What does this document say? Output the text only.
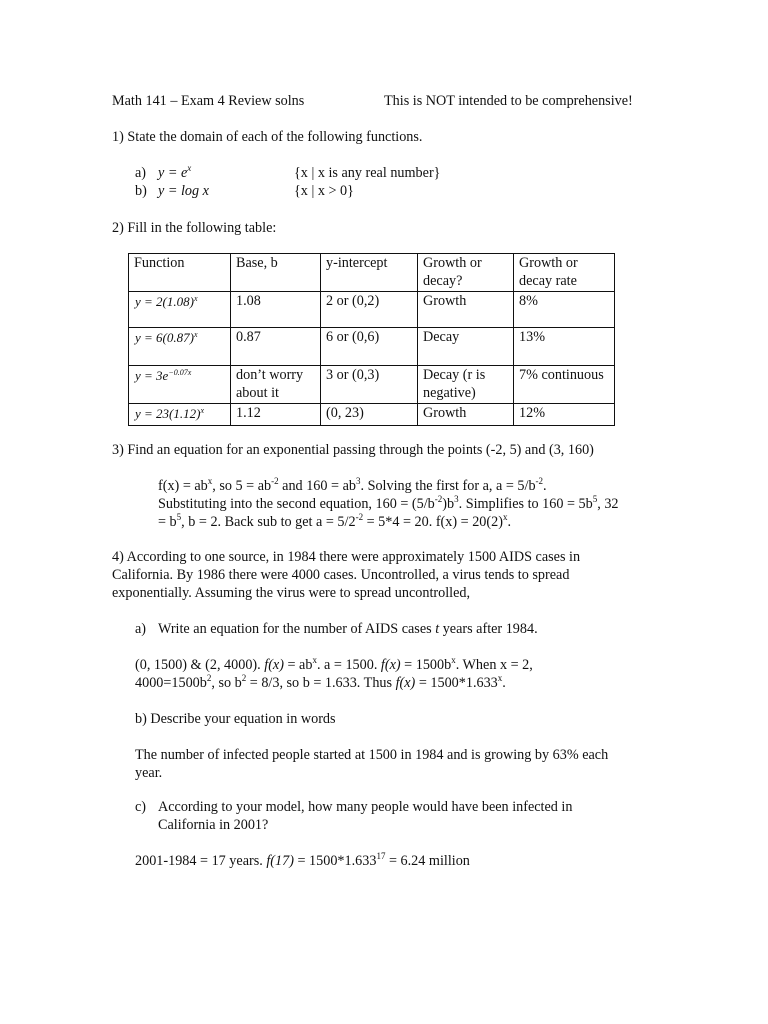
Math 141 – Exam 4 Review solns	This is NOT intended to be comprehensive!
1) State the domain of each of the following functions.
a) $y = e^x$	{x | x is any real number}
b) y = log x	{x | x > 0}
2) Fill in the following table:
Function	Base, b	y-intercept	Growth or decay?	Growth or decay rate
$y = 2(1.08)^x$	1.08	2 or (0,2)	Growth	8%
$y = 6(0.87)^x$	0.87	6 or (0,6)	Decay	13%
$y = 3e^{-0.07x}$	don’t worry about it	3 or (0,3)	Decay (r is negative)	7% continuous
$y = 23(1.12)^x$	1.12	(0, 23)	Growth	12%
3) Find an equation for an exponential passing through the points (-2, 5) and (3, 160)
$f(x) = ab^x$, so $5 = ab^{-2}$ and $160 = ab^3$. Solving the first for a, $a = 5/b^{-2}$.
Substituting into the second equation, $160 = (5/b^{-2})b^3$. Simplifies to $160 = 5b^5$, 32
= $b^5$, b = 2. Back sub to get $a = 5/2^{-2} = 5*4 = 20$. $f(x) = 20(2)^x$.
4) According to one source, in 1984 there were approximately 1500 AIDS cases in
California. By 1986 there were 4000 cases. Uncontrolled, a virus tends to spread
exponentially. Assuming the virus were to spread uncontrolled,
a) Write an equation for the number of AIDS cases t years after 1984.
(0, 1500) & (2, 4000). $f(x) = ab^x$. a = 1500. $f(x) = 1500b^x$. When x = 2,
$4000=1500b^2$, so $b^2 = 8/3$, so b = 1.633. Thus $f(x) = 1500*1.633^x$.
b) Describe your equation in words
The number of infected people started at 1500 in 1984 and is growing by 63% each
year.
c) According to your model, how many people would have been infected in
California in 2001?
2001-1984 = 17 years. $f(17) = 1500*1.633^{17} = 6.24$ million
